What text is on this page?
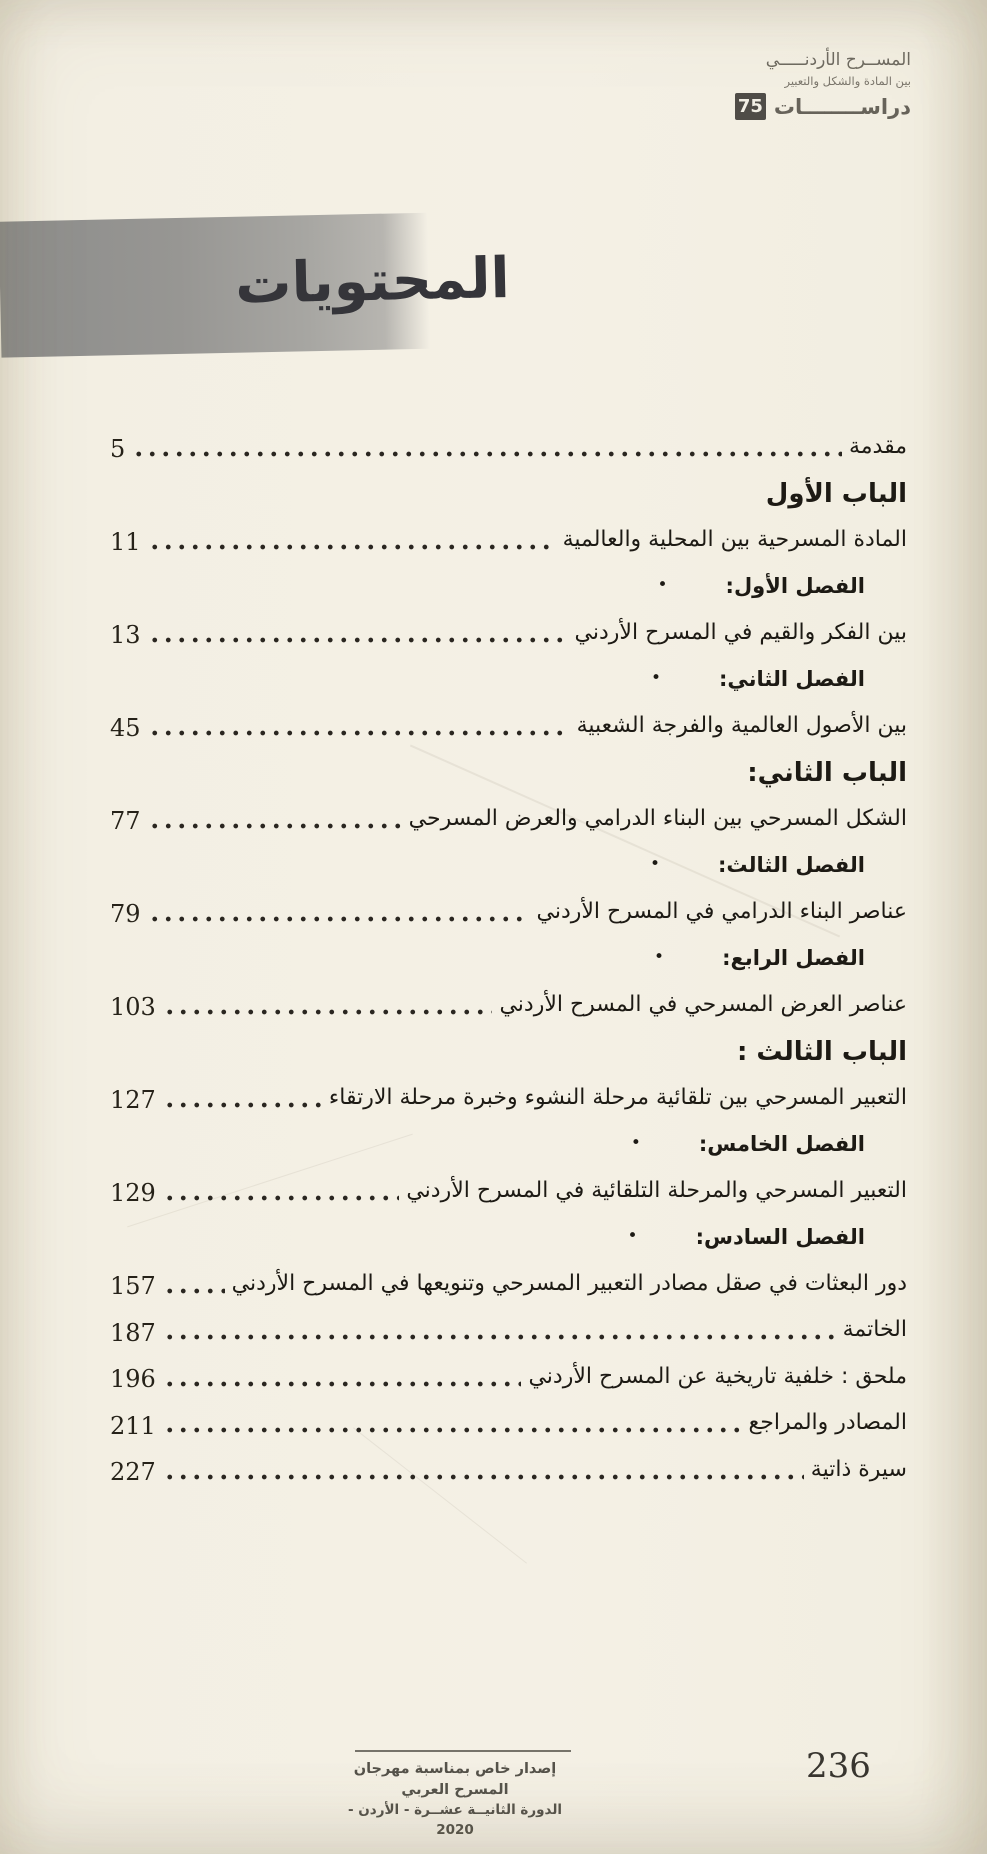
المســرح الأردنـــــي
بين المادة والشكل والتعبير
دراســــــــات
75
المحتويات
مقدمة
5
الباب الأول
المادة المسرحية بين المحلية والعالمية
11
الفصل الأول:
•
بين الفكر والقيم في المسرح الأردني
13
الفصل الثاني:
•
بين الأصول العالمية والفرجة الشعبية
45
الباب الثاني:
الشكل المسرحي بين البناء الدرامي والعرض المسرحي
77
الفصل الثالث:
•
عناصر البناء الدرامي في المسرح الأردني
79
الفصل الرابع:
•
عناصر العرض المسرحي في المسرح الأردني
103
الباب الثالث :
التعبير المسرحي بين تلقائية مرحلة النشوء وخبرة مرحلة الارتقاء
127
الفصل الخامس:
•
التعبير المسرحي والمرحلة التلقائية في المسرح الأردني
129
الفصل السادس:
•
دور البعثات في صقل مصادر التعبير المسرحي وتنويعها في المسرح الأردني
157
الخاتمة
187
ملحق : خلفية تاريخية عن المسرح الأردني
196
المصادر والمراجع
211
سيرة ذاتية
227
إصدار خاص بمناسبة مهرجان المسرح العربي
الدورة الثانيــة عشــرة - الأردن - 2020
236
